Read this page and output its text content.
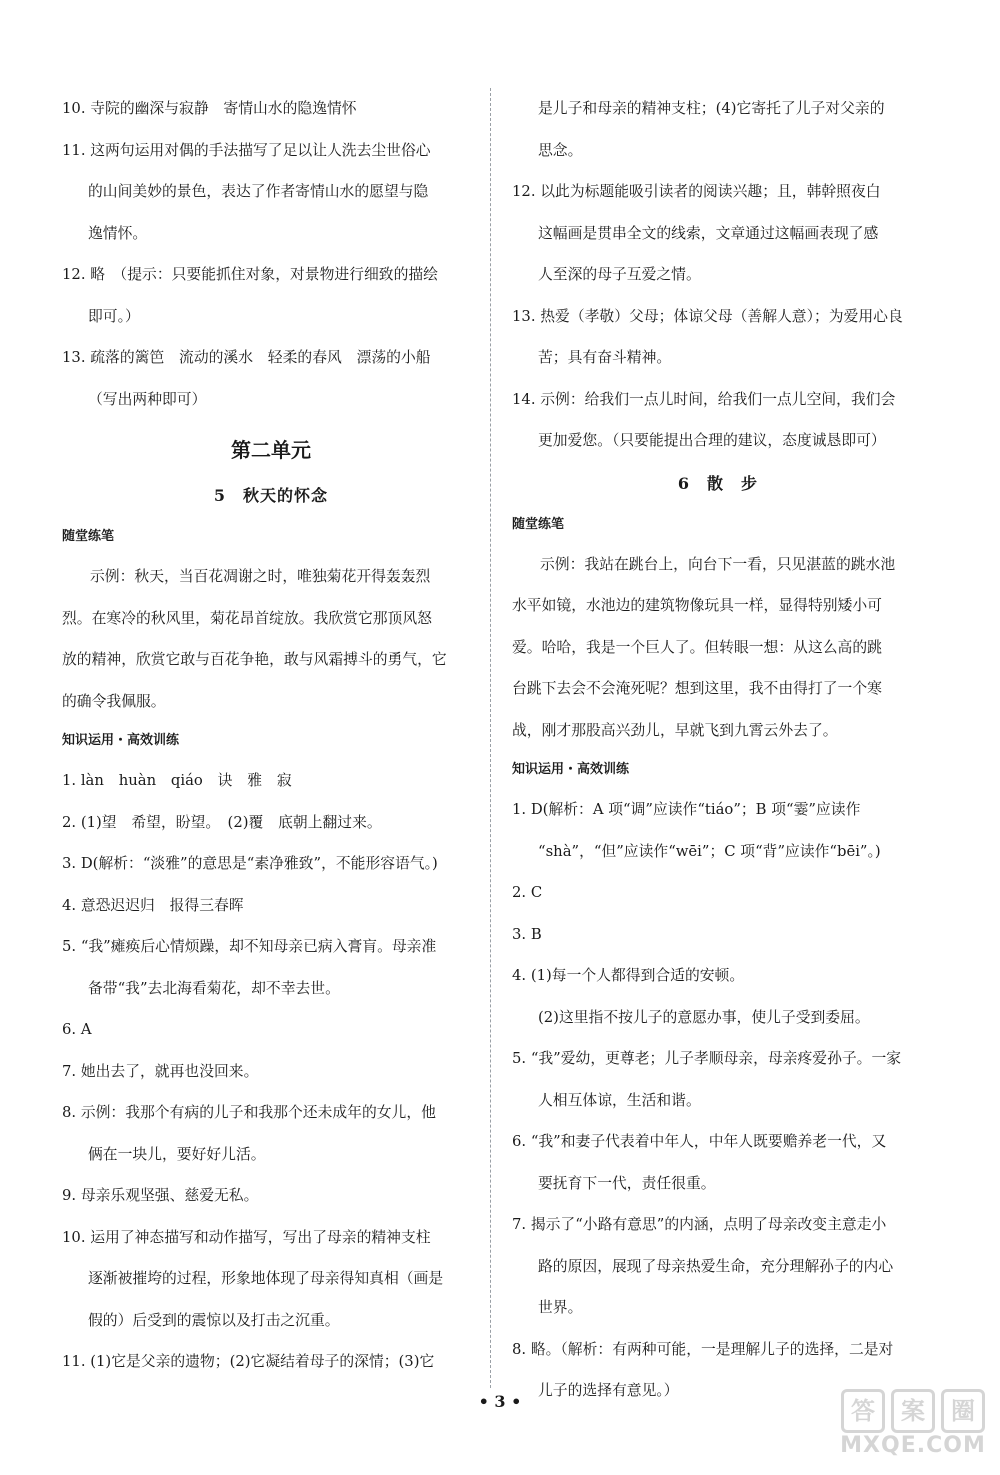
10. 寺院的幽深与寂静　寄情山水的隐逸情怀
11. 这两句运用对偶的手法描写了足以让人洗去尘世俗心
的山间美妙的景色，表达了作者寄情山水的愿望与隐
逸情怀。
12. 略　（提示：只要能抓住对象，对景物进行细致的描绘
即可。）
13. 疏落的篱笆　流动的溪水　轻柔的春风　漂荡的小船
（写出两种即可）
第二单元
5　秋天的怀念
随堂练笔
示例：秋天，当百花凋谢之时，唯独菊花开得轰轰烈
烈。在寒冷的秋风里，菊花昂首绽放。我欣赏它那顶风怒
放的精神，欣赏它敢与百花争艳，敢与风霜搏斗的勇气，它
的确令我佩服。
知识运用・高效训练
1. làn　huàn　qiáo　诀　雅　寂
2. (1)望　希望，盼望。　(2)覆　底朝上翻过来。
3. D(解析：“淡雅”的意思是“素净雅致”，不能形容语气。)
4. 意恐迟迟归　报得三春晖
5. “我”瘫痪后心情烦躁，却不知母亲已病入膏肓。母亲准
备带“我”去北海看菊花，却不幸去世。
6. A
7. 她出去了，就再也没回来。
8. 示例：我那个有病的儿子和我那个还未成年的女儿，他
俩在一块儿，要好好儿活。
9. 母亲乐观坚强、慈爱无私。
10. 运用了神态描写和动作描写，写出了母亲的精神支柱
逐渐被摧垮的过程，形象地体现了母亲得知真相（画是
假的）后受到的震惊以及打击之沉重。
11. (1)它是父亲的遗物；(2)它凝结着母子的深情；(3)它
是儿子和母亲的精神支柱；(4)它寄托了儿子对父亲的
思念。
12. 以此为标题能吸引读者的阅读兴趣；且，韩幹照夜白
这幅画是贯串全文的线索，文章通过这幅画表现了感
人至深的母子互爱之情。
13. 热爱（孝敬）父母；体谅父母（善解人意）；为爱用心良
苦；具有奋斗精神。
14. 示例：给我们一点儿时间，给我们一点儿空间，我们会
更加爱您。（只要能提出合理的建议，态度诚恳即可）
6　散　步
随堂练笔
示例：我站在跳台上，向台下一看，只见湛蓝的跳水池
水平如镜，水池边的建筑物像玩具一样，显得特别矮小可
爱。哈哈，我是一个巨人了。但转眼一想：从这么高的跳
台跳下去会不会淹死呢？想到这里，我不由得打了一个寒
战，刚才那股高兴劲儿，早就飞到九霄云外去了。
知识运用・高效训练
1. D(解析：A 项“调”应读作“tiáo”；B 项“霎”应读作
“shà”，“但”应读作“wēi”；C 项“背”应读作“bēi”。)
2. C
3. B
4. (1)每一个人都得到合适的安顿。
(2)这里指不按儿子的意愿办事，使儿子受到委屈。
5. “我”爱幼，更尊老；儿子孝顺母亲，母亲疼爱孙子。一家
人相互体谅，生活和谐。
6. “我”和妻子代表着中年人，中年人既要赡养老一代，又
要抚育下一代，责任很重。
7. 揭示了“小路有意思”的内涵，点明了母亲改变主意走小
路的原因，展现了母亲热爱生命，充分理解孙子的内心
世界。
8. 略。（解析：有两种可能，一是理解儿子的选择，二是对
儿子的选择有意见。）
• 3 •	答	案	圈
MXQE.COM
